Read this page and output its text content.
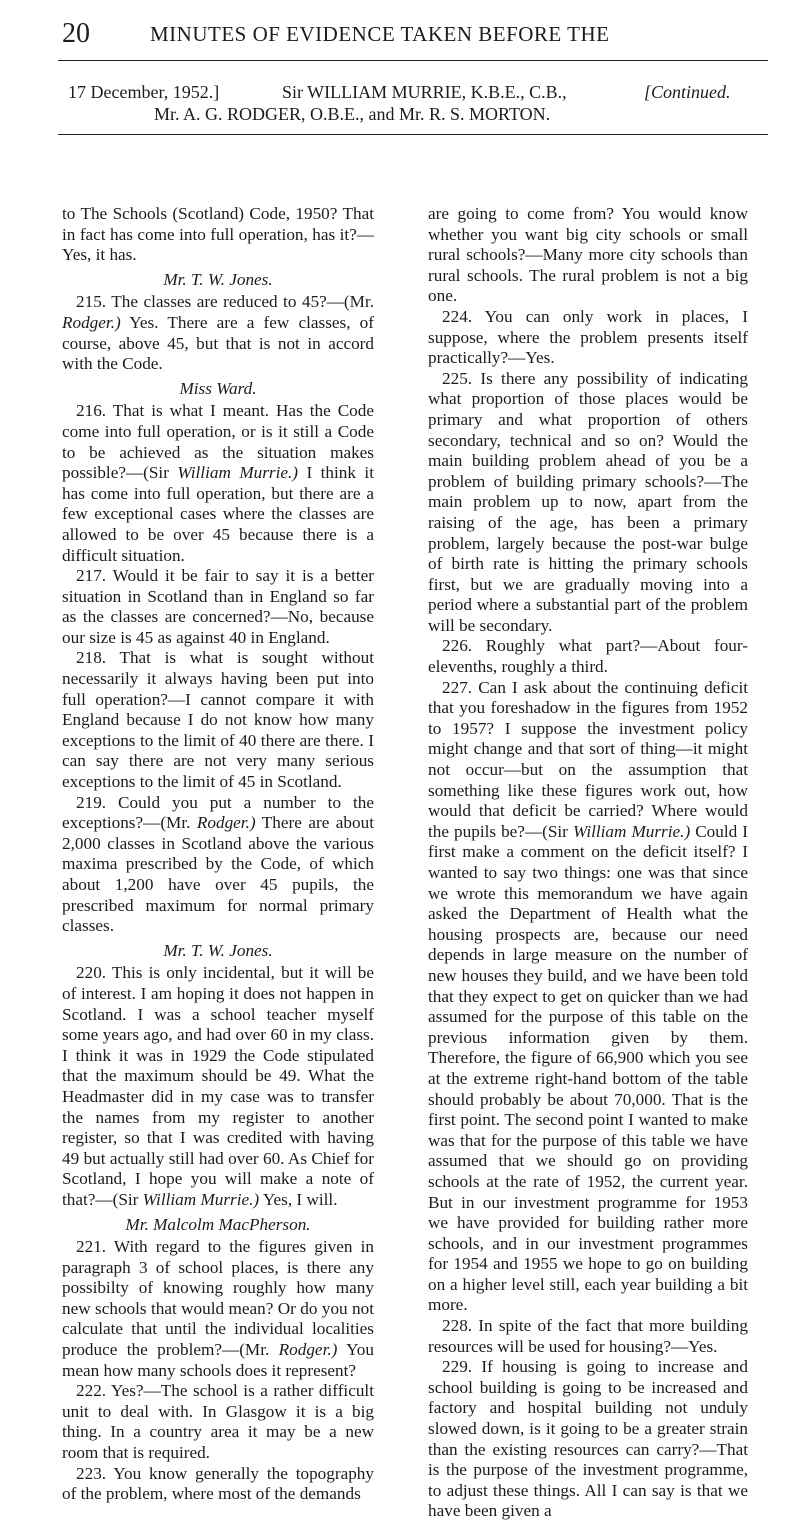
20	MINUTES OF EVIDENCE TAKEN BEFORE THE
17 December, 1952.]	Sir WILLIAM MURRIE, K.B.E., C.B.,	[Continued.
Mr. A. G. RODGER, O.B.E., and Mr. R. S. MORTON.

to The Schools (Scotland) Code, 1950? That in fact has come into full operation, has it?—Yes, it has.

Mr. T. W. Jones.

215. The classes are reduced to 45?—(Mr. Rodger.) Yes. There are a few classes, of course, above 45, but that is not in accord with the Code.

Miss Ward.

216. That is what I meant. Has the Code come into full operation, or is it still a Code to be achieved as the situation makes possible?—(Sir William Murrie.) I think it has come into full operation, but there are a few exceptional cases where the classes are allowed to be over 45 because there is a difficult situation.

217. Would it be fair to say it is a better situation in Scotland than in England so far as the classes are concerned?—No, because our size is 45 as against 40 in England.

218. That is what is sought without necessarily it always having been put into full operation?—I cannot compare it with England because I do not know how many exceptions to the limit of 40 there are there. I can say there are not very many serious exceptions to the limit of 45 in Scotland.

219. Could you put a number to the exceptions?—(Mr. Rodger.) There are about 2,000 classes in Scotland above the various maxima prescribed by the Code, of which about 1,200 have over 45 pupils, the prescribed maximum for normal primary classes.

Mr. T. W. Jones.

220. This is only incidental, but it will be of interest. I am hoping it does not happen in Scotland. I was a school teacher myself some years ago, and had over 60 in my class. I think it was in 1929 the Code stipulated that the maximum should be 49. What the Headmaster did in my case was to transfer the names from my register to another register, so that I was credited with having 49 but actually still had over 60. As Chief for Scotland, I hope you will make a note of that?—(Sir William Murrie.) Yes, I will.

Mr. Malcolm MacPherson.

221. With regard to the figures given in paragraph 3 of school places, is there any possibilty of knowing roughly how many new schools that would mean? Or do you not calculate that until the individual localities produce the problem?—(Mr. Rodger.) You mean how many schools does it represent?

222. Yes?—The school is a rather difficult unit to deal with. In Glasgow it is a big thing. In a country area it may be a new room that is required.

223. You know generally the topography of the problem, where most of the demands

are going to come from? You would know whether you want big city schools or small rural schools?—Many more city schools than rural schools. The rural problem is not a big one.

224. You can only work in places, I suppose, where the problem presents itself practically?—Yes.

225. Is there any possibility of indicating what proportion of those places would be primary and what proportion of others secondary, technical and so on? Would the main building problem ahead of you be a problem of building primary schools?—The main problem up to now, apart from the raising of the age, has been a primary problem, largely because the post-war bulge of birth rate is hitting the primary schools first, but we are gradually moving into a period where a substantial part of the problem will be secondary.

226. Roughly what part?—About four-elevenths, roughly a third.

227. Can I ask about the continuing deficit that you foreshadow in the figures from 1952 to 1957? I suppose the investment policy might change and that sort of thing—it might not occur—but on the assumption that something like these figures work out, how would that deficit be carried? Where would the pupils be?—(Sir William Murrie.) Could I first make a comment on the deficit itself? I wanted to say two things: one was that since we wrote this memorandum we have again asked the Department of Health what the housing prospects are, because our need depends in large measure on the number of new houses they build, and we have been told that they expect to get on quicker than we had assumed for the purpose of this table on the previous information given by them. Therefore, the figure of 66,900 which you see at the extreme right-hand bottom of the table should probably be about 70,000. That is the first point. The second point I wanted to make was that for the purpose of this table we have assumed that we should go on providing schools at the rate of 1952, the current year. But in our investment programme for 1953 we have provided for building rather more schools, and in our investment programmes for 1954 and 1955 we hope to go on building on a higher level still, each year building a bit more.

228. In spite of the fact that more building resources will be used for housing?—Yes.

229. If housing is going to increase and school building is going to be increased and factory and hospital building not unduly slowed down, is it going to be a greater strain than the existing resources can carry?—That is the purpose of the investment programme, to adjust these things. All I can say is that we have been given a
